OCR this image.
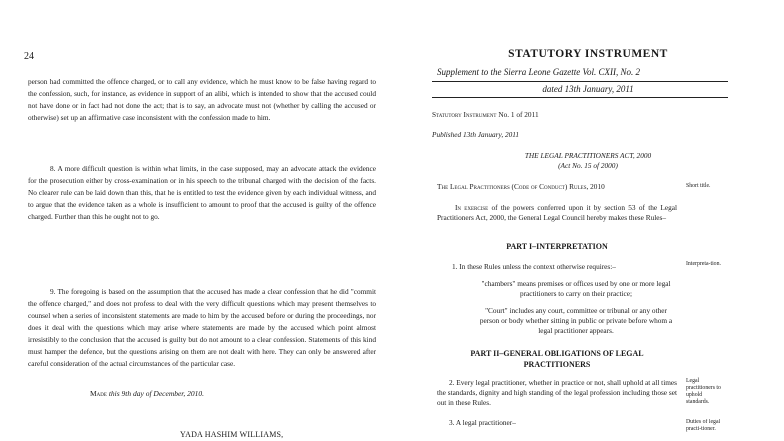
24

person had committed the offence charged, or to call any evidence, which he must know to be false having regard to the confession, such, for instance, as evidence in support of an alibi, which is intended to show that the accused could not have done or in fact had not done the act; that is to say, an advocate must not (whether by calling the accused or otherwise) set up an affirmative case inconsistent with the confession made to him.

8. A more difficult question is within what limits, in the case supposed, may an advocate attack the evidence for the prosecution either by cross-examination or in his speech to the tribunal charged with the decision of the facts. No clearer rule can be laid down than this, that he is entitled to test the evidence given by each individual witness, and to argue that the evidence taken as a whole is insufficient to amount to proof that the accused is guilty of the offence charged. Further than this he ought not to go.

9. The foregoing is based on the assumption that the accused has made a clear confession that he did "commit the offence charged," and does not profess to deal with the very difficult questions which may present themselves to counsel when a series of inconsistent statements are made to him by the accused before or during the proceedings, nor does it deal with the questions which may arise where statements are made by the accused which point almost irresistibly to the conclusion that the accused is guilty but do not amount to a clear confession. Statements of this kind must hamper the defence, but the questions arising on them are not dealt with here. They can only be answered after careful consideration of the actual circumstances of the particular case.

Made this 9th day of December, 2010.
YADA HASHIM WILLIAMS,
STATUTORY INSTRUMENT
Supplement to the Sierra Leone Gazette Vol. CXII, No. 2
dated 13th January, 2011
Statutory Instrument No. 1 of 2011
Published 13th January, 2011
THE LEGAL PRACTITIONERS ACT, 2000
(Act No. 15 of 2000)
The Legal Practitioners (Code of Conduct) Rules, 2010	Short title.
In exercise of the powers conferred upon it by section 53 of the Legal Practitioners Act, 2000, the General Legal Council hereby makes these Rules–
PART I–INTERPRETATION
1. In these Rules unless the context otherwise requires:–	Interpreta-tion.
"chambers" means premises or offices used by one or more legal practitioners to carry on their practice;
"Court" includes any court, committee or tribunal or any other person or body whether sitting in public or private before whom a legal practitioner appears.
PART II–GENERAL OBLIGATIONS OF LEGAL
PRACTITIONERS
2. Every legal practitioner, whether in practice or not, shall uphold at all times the standards, dignity and high standing of the legal profession including those set out in these Rules.
Legal practitioners to uphold standards.
3. A legal practitioner–	Duties of legal practi-tioner.
